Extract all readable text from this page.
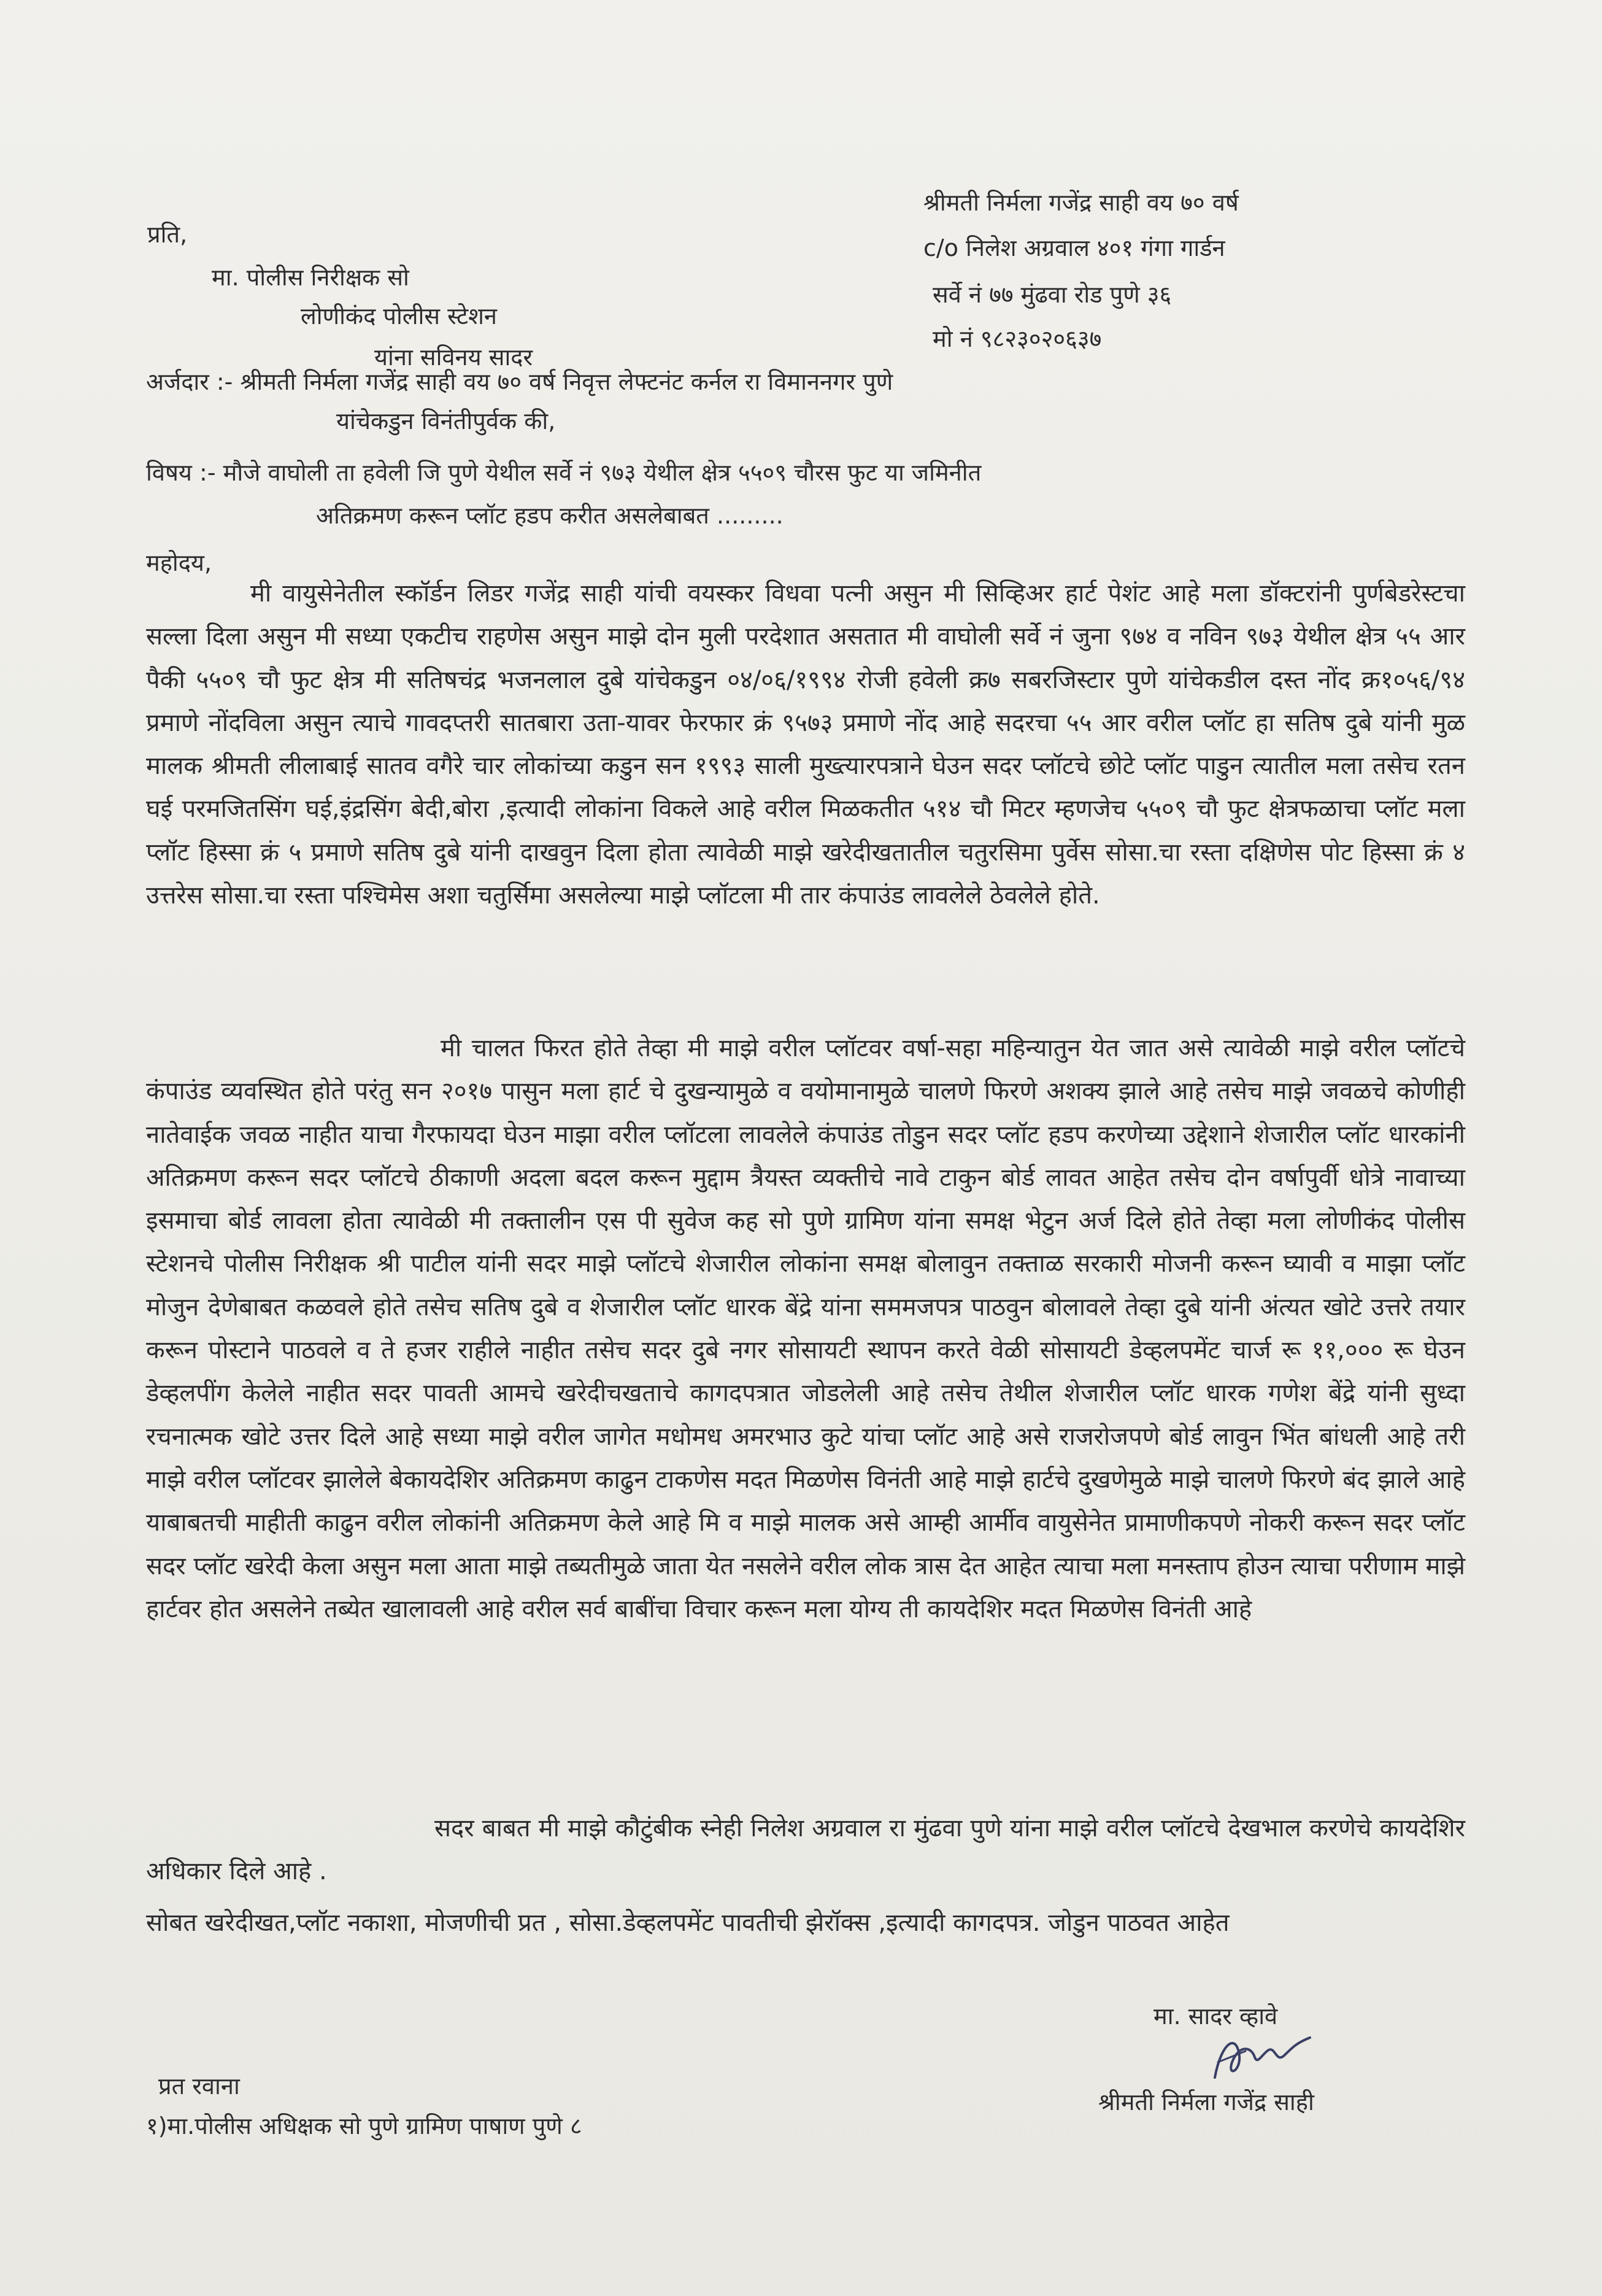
प्रति,
मा. पोलीस निरीक्षक सो
लोणीकंद पोलीस स्टेशन
यांना सविनय सादर
श्रीमती निर्मला गजेंद्र साही वय ७० वर्ष
c/o निलेश अग्रवाल ४०१ गंगा गार्डन
सर्वे नं ७७ मुंढवा रोड पुणे ३६
मो नं ९८२३०२०६३७
अर्जदार :- श्रीमती निर्मला गजेंद्र साही वय ७० वर्ष निवृत्त लेफ्टनंट कर्नल रा विमाननगर पुणे
यांचेकडुन विनंतीपुर्वक की,
विषय :- मौजे वाघोली ता हवेली जि पुणे येथील सर्वे नं ९७३ येथील क्षेत्र ५५०९ चौरस फुट या जमिनीत
अतिक्रमण करून प्लॉट हडप करीत असलेबाबत .........
महोदय,
मी वायुसेनेतील स्कॉर्डन लिडर गजेंद्र साही यांची वयस्कर विधवा पत्नी असुन मी सिव्हिअर हार्ट पेशंट आहे मला डॉक्टरांनी पुर्णबेडरेस्टचा सल्ला दिला असुन मी सध्या एकटीच राहणेस असुन माझे दोन मुली परदेशात असतात मी वाघोली सर्वे नं जुना ९७४ व नविन ९७३ येथील क्षेत्र ५५ आर पैकी ५५०९ चौ फुट क्षेत्र मी सतिषचंद्र भजनलाल दुबे यांचेकडुन ०४/०६/१९९४ रोजी हवेली क्र७ सबरजिस्टार पुणे यांचेकडील दस्त नोंद क्र१०५६/९४ प्रमाणे नोंदविला असुन त्याचे गावदप्तरी सातबारा उता-यावर फेरफार क्रं ९५७३ प्रमाणे नोंद आहे सदरचा ५५ आर वरील प्लॉट हा सतिष दुबे यांनी मुळ मालक श्रीमती लीलाबाई सातव वगैरे चार लोकांच्या कडुन सन १९९३ साली मुख्त्यारपत्राने घेउन सदर प्लॉटचे छोटे प्लॉट पाडुन त्यातील मला तसेच रतन घई परमजितसिंग घई,इंद्रसिंग बेदी,बोरा ,इत्यादी लोकांना विकले आहे वरील मिळकतीत ५१४ चौ मिटर म्हणजेच ५५०९ चौ फुट क्षेत्रफळाचा प्लॉट मला प्लॉट हिस्सा क्रं ५ प्रमाणे सतिष दुबे यांनी दाखवुन दिला होता त्यावेळी माझे खरेदीखतातील चतुरसिमा पुर्वेस सोसा.चा रस्ता दक्षिणेस पोट हिस्सा क्रं ४ उत्तरेस सोसा.चा रस्ता पश्चिमेस अशा चतुर्सिमा असलेल्या माझे प्लॉटला मी तार कंपाउंड लावलेले ठेवलेले होते.
मी चालत फिरत होते तेव्हा मी माझे वरील प्लॉटवर वर्षा-सहा महिन्यातुन येत जात असे त्यावेळी माझे वरील प्लॉटचे कंपाउंड व्यवस्थित होते परंतु सन २०१७ पासुन मला हार्ट चे दुखन्यामुळे व वयोमानामुळे चालणे फिरणे अशक्य झाले आहे तसेच माझे जवळचे कोणीही नातेवाईक जवळ नाहीत याचा गैरफायदा घेउन माझा वरील प्लॉटला लावलेले कंपाउंड तोडुन सदर प्लॉट हडप करणेच्या उद्देशाने शेजारील प्लॉट धारकांनी अतिक्रमण करून सदर प्लॉटचे ठीकाणी अदला बदल करून मुद्दाम त्रैयस्त व्यक्तीचे नावे टाकुन बोर्ड लावत आहेत तसेच दोन वर्षापुर्वी धोत्रे नावाच्या इसमाचा बोर्ड लावला होता त्यावेळी मी तक्तालीन एस पी सुवेज कह सो पुणे ग्रामिण यांना समक्ष भेटुन अर्ज दिले होते तेव्हा मला लोणीकंद पोलीस स्टेशनचे पोलीस निरीक्षक श्री पाटील यांनी सदर माझे प्लॉटचे शेजारील लोकांना समक्ष बोलावुन तक्ताळ सरकारी मोजनी करून घ्यावी व माझा प्लॉट मोजुन देणेबाबत कळवले होते तसेच सतिष दुबे व शेजारील प्लॉट धारक बेंद्रे यांना सममजपत्र पाठवुन बोलावले तेव्हा दुबे यांनी अंत्यत खोटे उत्तरे तयार करून पोस्टाने पाठवले व ते हजर राहीले नाहीत तसेच सदर दुबे नगर सोसायटी स्थापन करते वेळी सोसायटी डेव्हलपमेंट चार्ज रू ११,००० रू घेउन डेव्हलपींग केलेले नाहीत सदर पावती आमचे खरेदीचखताचे कागदपत्रात जोडलेली आहे तसेच तेथील शेजारील प्लॉट धारक गणेश बेंद्रे यांनी सुध्दा रचनात्मक खोटे उत्तर दिले आहे सध्या माझे वरील जागेत मधोमध अमरभाउ कुटे यांचा प्लॉट आहे असे राजरोजपणे बोर्ड लावुन भिंत बांधली आहे तरी माझे वरील प्लॉटवर झालेले बेकायदेशिर अतिक्रमण काढुन टाकणेस मदत मिळणेस विनंती आहे माझे हार्टचे दुखणेमुळे माझे चालणे फिरणे बंद झाले आहे याबाबतची माहीती काढुन वरील लोकांनी अतिक्रमण केले आहे मि व माझे मालक असे आम्ही आर्मीव वायुसेनेत प्रामाणीकपणे नोकरी करून सदर प्लॉट सदर प्लॉट खरेदी केला असुन मला आता माझे तब्यतीमुळे जाता येत नसलेने वरील लोक त्रास देत आहेत त्याचा मला मनस्ताप होउन त्याचा परीणाम माझे हार्टवर होत असलेने तब्येत खालावली आहे वरील सर्व बाबींचा विचार करून मला योग्य ती कायदेशिर मदत मिळणेस विनंती आहे
सदर बाबत मी माझे कौटुंबीक स्नेही निलेश अग्रवाल रा मुंढवा पुणे यांना माझे वरील प्लॉटचे देखभाल करणेचे कायदेशिर अधिकार दिले आहे .
सोबत खरेदीखत,प्लॉट नकाशा, मोजणीची प्रत , सोसा.डेव्हलपमेंट पावतीची झेरॉक्स ,इत्यादी कागदपत्र. जोडुन पाठवत आहेत
मा. सादर व्हावे
श्रीमती निर्मला गजेंद्र साही
प्रत रवाना
१)मा.पोलीस अधिक्षक सो पुणे ग्रामिण पाषाण पुणे ८
